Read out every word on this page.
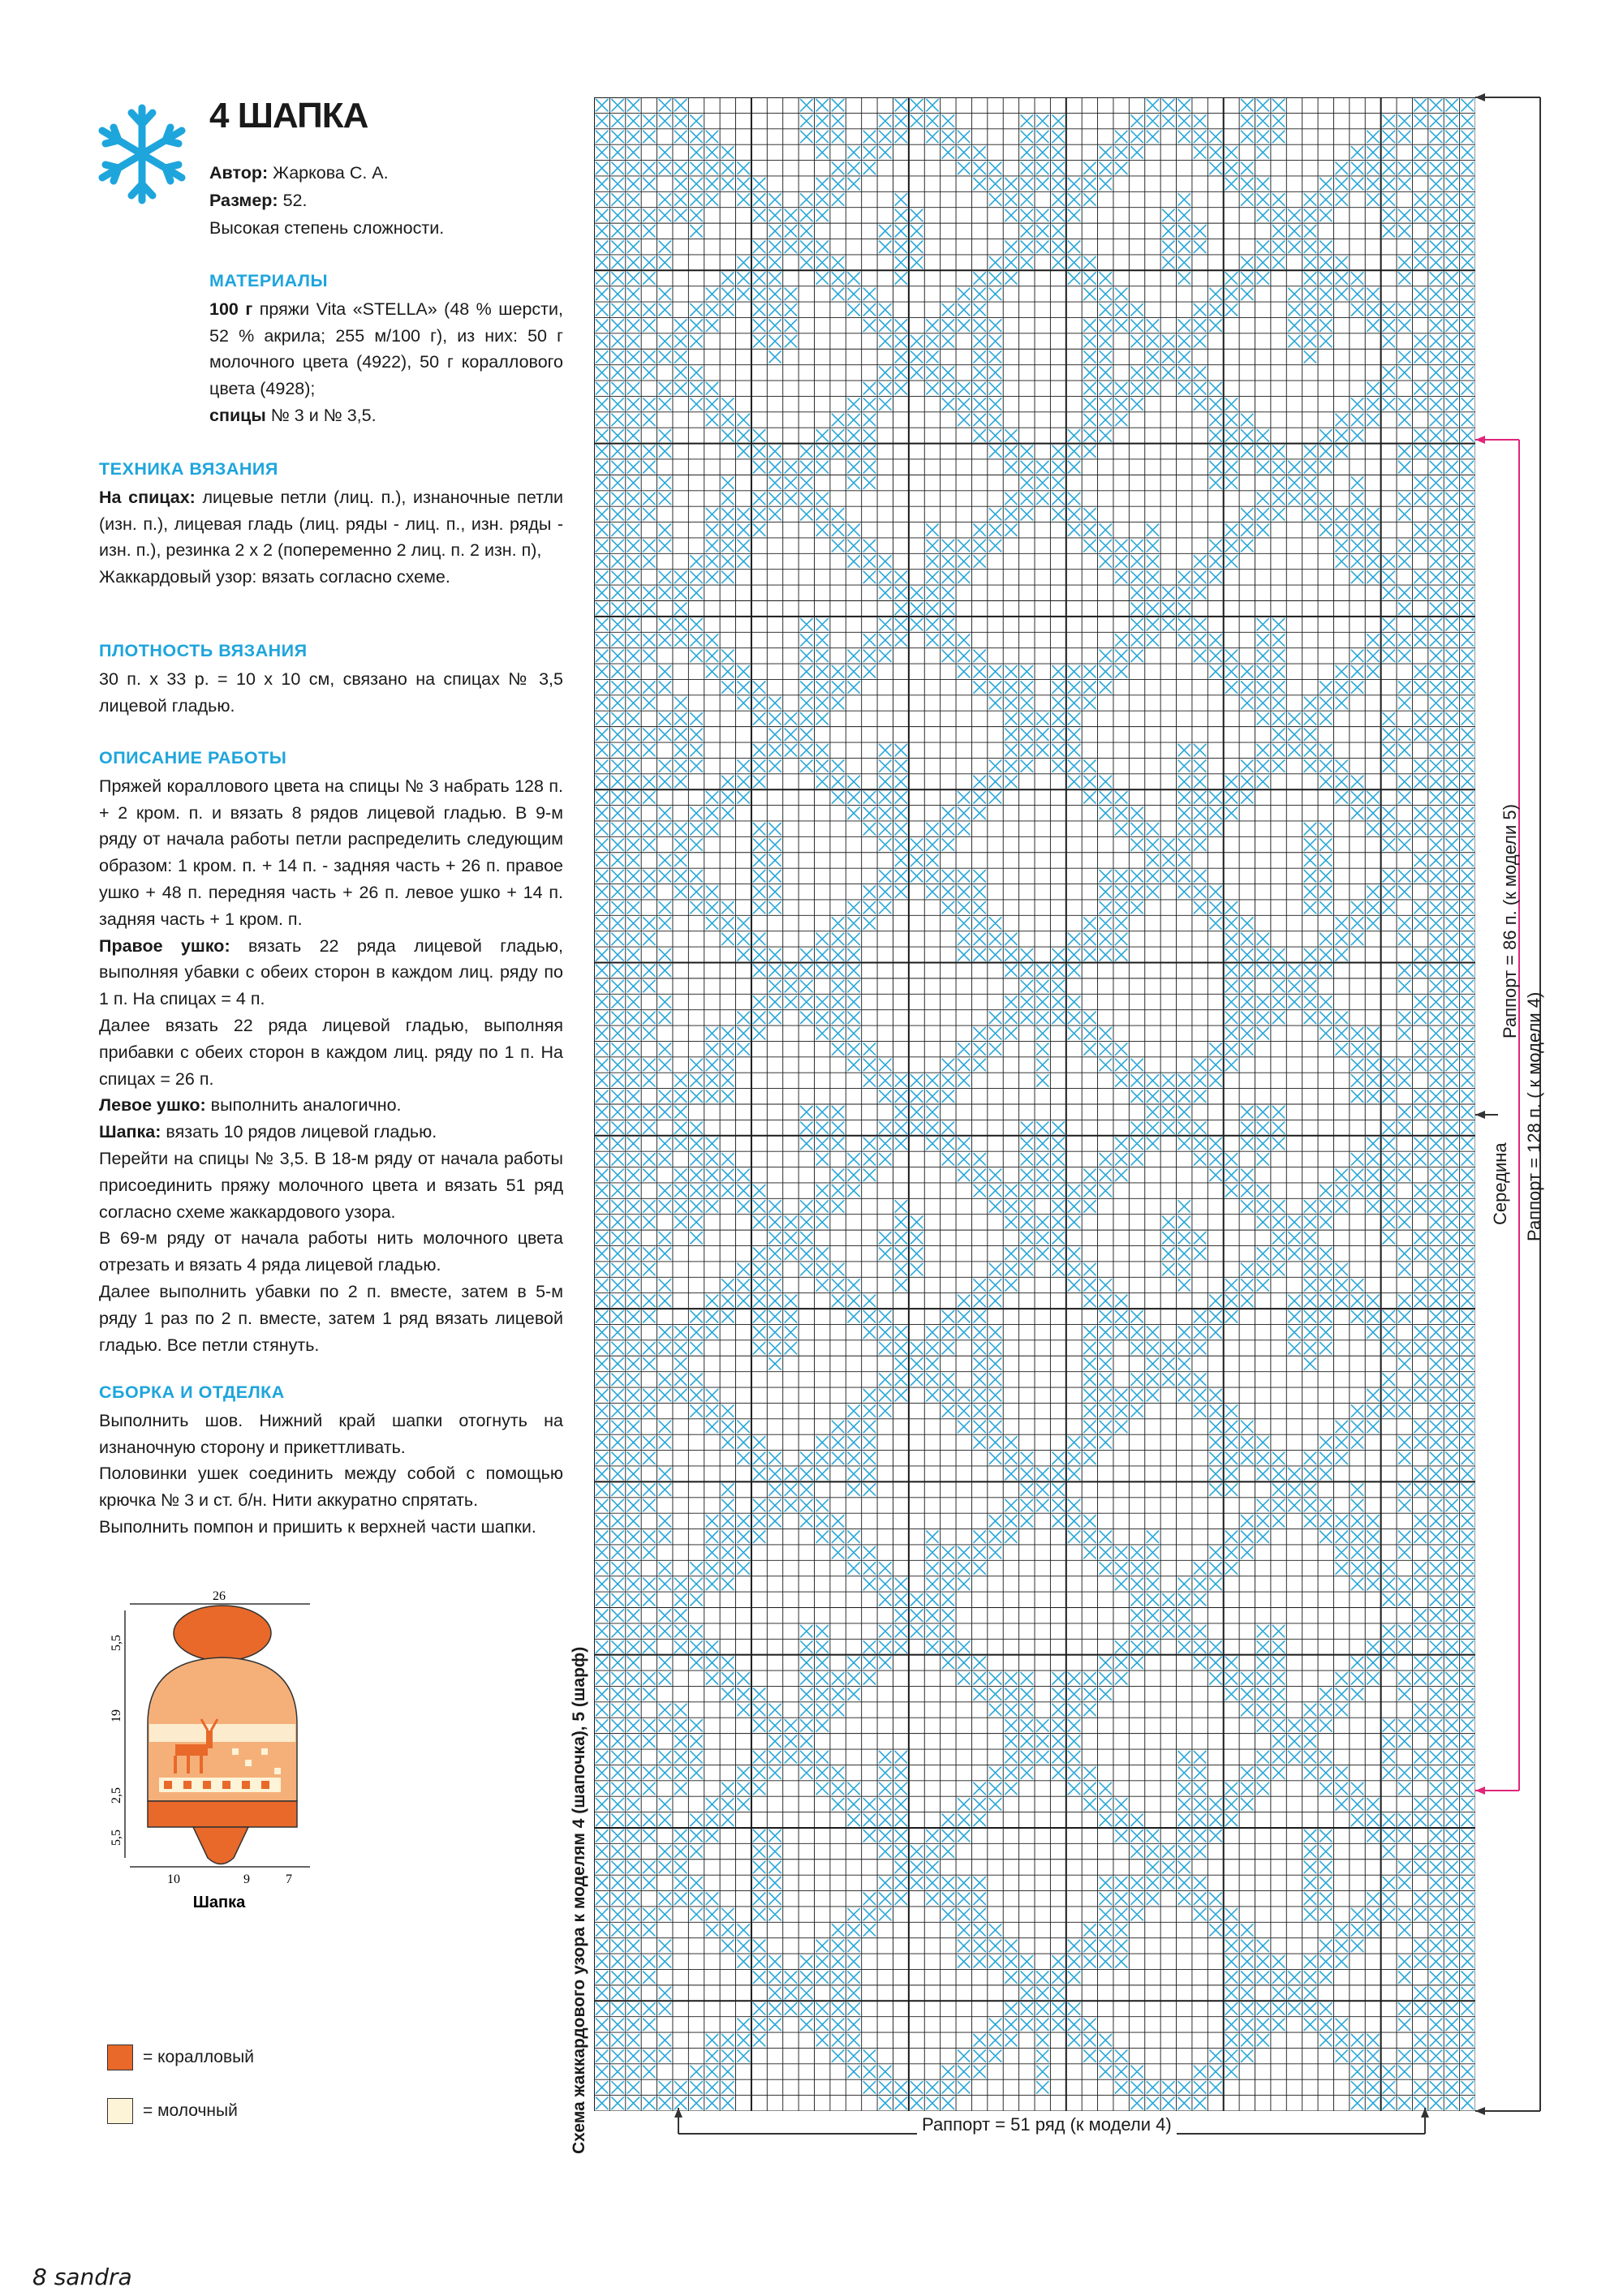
4 ШАПКА
Автор: Жаркова С. А.
Размер: 52.
Высокая степень сложности.
МАТЕРИАЛЫ

100 г пряжи Vita «STELLA» (48 % шерсти, 52 % акрила; 255 м/100 г), из них: 50 г молочного цвета (4922), 50 г кораллового цвета (4928);

спицы № 3 и № 3,5.

ТЕХНИКА ВЯЗАНИЯ

На спицах: лицевые петли (лиц. п.), изнаночные петли (изн. п.), лицевая гладь (лиц. ряды - лиц. п., изн. ряды - изн. п.), резинка 2 х 2 (попеременно 2 лиц. п. 2 изн. п),

Жаккардовый узор: вязать согласно схеме.

ПЛОТНОСТЬ ВЯЗАНИЯ

30 п. х 33 р. = 10 х 10 см, связано на спицах № 3,5 лицевой гладью.

ОПИСАНИЕ РАБОТЫ

Пряжей кораллового цвета на спицы № 3 набрать 128 п. + 2 кром. п. и вязать 8 рядов лицевой гладью. В 9-м ряду от начала работы петли распределить следующим образом: 1 кром. п. + 14 п. - задняя часть + 26 п. правое ушко + 48 п. передняя часть + 26 п. левое ушко + 14 п. задняя часть + 1 кром. п.

Правое ушко: вязать 22 ряда лицевой гладью, выполняя убавки с обеих сторон в каждом лиц. ряду по 1 п. На спицах = 4 п.

Далее вязать 22 ряда лицевой гладью, выполняя прибавки с обеих сторон в каждом лиц. ряду по 1 п. На спицах = 26 п.

Левое ушко: выполнить аналогично.

Шапка: вязать 10 рядов лицевой гладью.

Перейти на спицы № 3,5. В 18-м ряду от начала работы присоединить пряжу молочного цвета и вязать 51 ряд согласно схеме жаккардового узора.

В 69-м ряду от начала работы нить молочного цвета отрезать и вязать 4 ряда лицевой гладью.

Далее выполнить убавки по 2 п. вместе, затем в 5-м ряду 1 раз по 2 п. вместе, затем 1 ряд вязать лицевой гладью. Все петли стянуть.

СБОРКА И ОТДЕЛКА

Выполнить шов. Нижний край шапки отогнуть на изнаночную сторону и прикеттливать.

Половинки ушек соединить между собой с помощью крючка № 3 и ст. б/н. Нити аккуратно спрятать.

Выполнить помпон и пришить к верхней части шапки.

26
5,5
19
2,5
5,5
10	9	7
Шапка
= коралловый
= молочный
Раппорт = 86 п. (к модели 5)
Середина Раппорт = 128 п. ( к модели 4)
Схема жаккардового узора к моделям 4 (шапочка), 5 (шарф)	Раппорт = 51 ряд (к модели 4)
8 sandra
